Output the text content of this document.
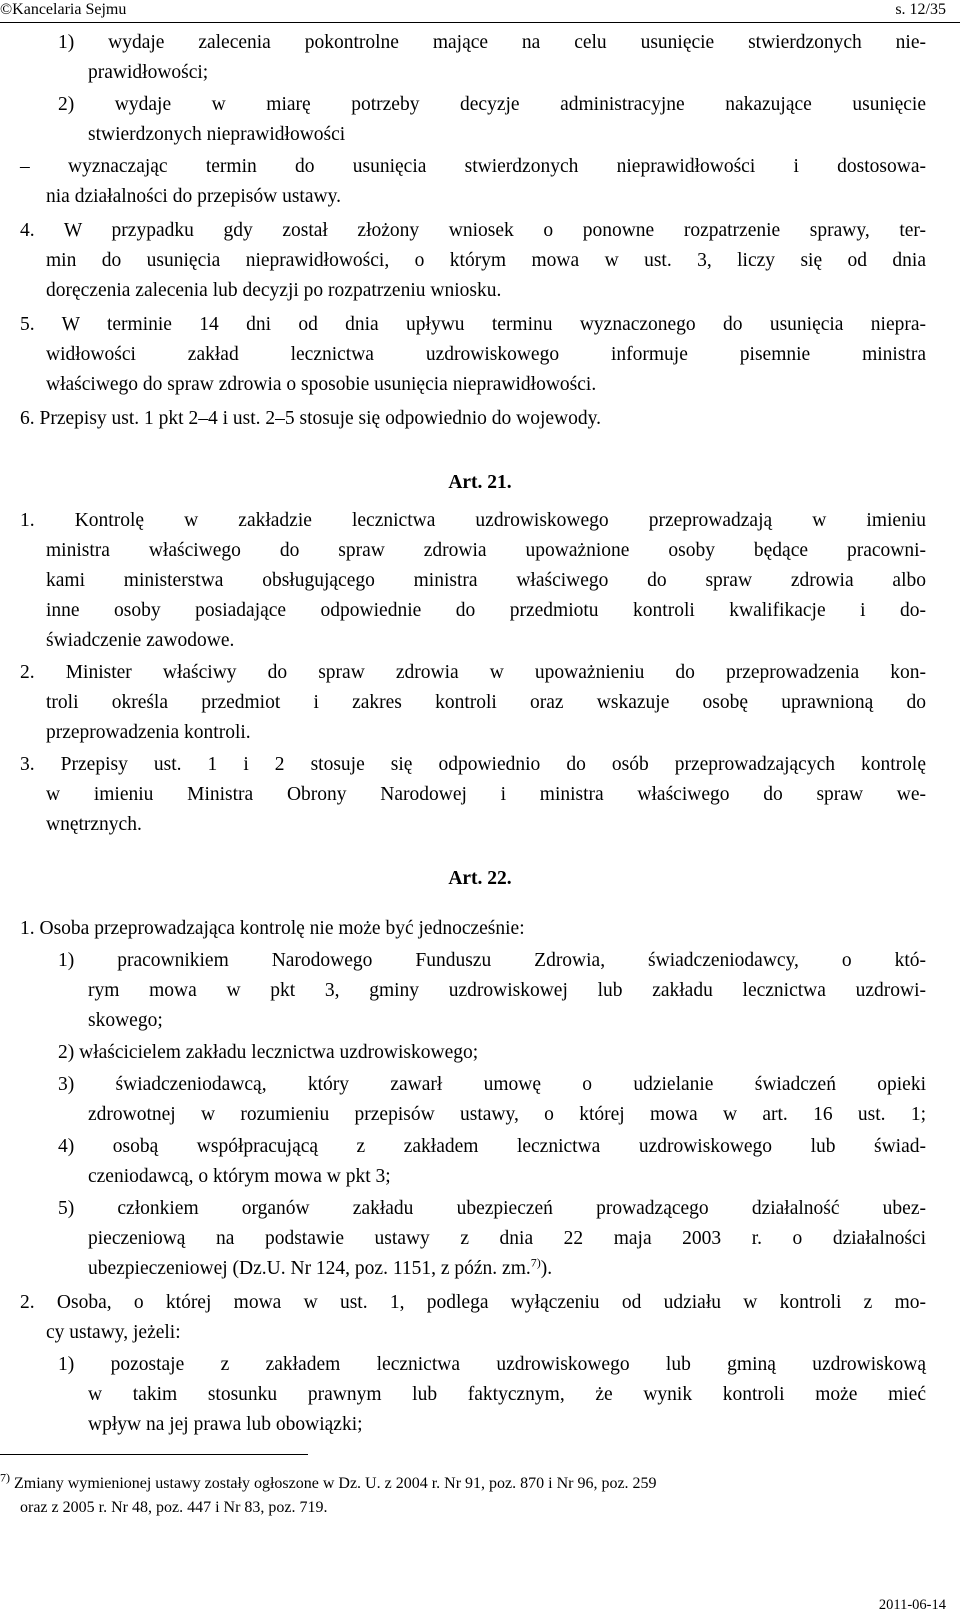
©Kancelaria Sejmu	s. 12/35
1) wydaje zalecenia pokontrolne mające na celu usunięcie stwierdzonych nie-
prawidłowości;
2) wydaje w miarę potrzeby decyzje administracyjne nakazujące usunięcie
stwierdzonych nieprawidłowości
– wyznaczając termin do usunięcia stwierdzonych nieprawidłowości i dostosowa-
nia działalności do przepisów ustawy.
4. W przypadku gdy został złożony wniosek o ponowne rozpatrzenie sprawy, ter-
min do usunięcia nieprawidłowości, o którym mowa w ust. 3, liczy się od dnia
doręczenia zalecenia lub decyzji po rozpatrzeniu wniosku.
5. W terminie 14 dni od dnia upływu terminu wyznaczonego do usunięcia niepra-
widłowości zakład lecznictwa uzdrowiskowego informuje pisemnie ministra
właściwego do spraw zdrowia o sposobie usunięcia nieprawidłowości.
6. Przepisy ust. 1 pkt 2–4 i ust. 2–5 stosuje się odpowiednio do wojewody.
1. Kontrolę w zakładzie lecznictwa uzdrowiskowego przeprowadzają w imieniu
ministra właściwego do spraw zdrowia upoważnione osoby będące pracowni-
kami ministerstwa obsługującego ministra właściwego do spraw zdrowia albo
inne osoby posiadające odpowiednie do przedmiotu kontroli kwalifikacje i do-
świadczenie zawodowe.
2. Minister właściwy do spraw zdrowia w upoważnieniu do przeprowadzenia kon-
troli określa przedmiot i zakres kontroli oraz wskazuje osobę uprawnioną do
przeprowadzenia kontroli.
3. Przepisy ust. 1 i 2 stosuje się odpowiednio do osób przeprowadzających kontrolę
w imieniu Ministra Obrony Narodowej i ministra właściwego do spraw we-
wnętrznych.
1. Osoba przeprowadzająca kontrolę nie może być jednocześnie:
1) pracownikiem Narodowego Funduszu Zdrowia, świadczeniodawcy, o któ-
rym mowa w pkt 3, gminy uzdrowiskowej lub zakładu lecznictwa uzdrowi-
skowego;
2) właścicielem zakładu lecznictwa uzdrowiskowego;
3) świadczeniodawcą, który zawarł umowę o udzielanie świadczeń opieki
zdrowotnej w rozumieniu przepisów ustawy, o której mowa w art. 16 ust. 1;
4) osobą współpracującą z zakładem lecznictwa uzdrowiskowego lub świad-
czeniodawcą, o którym mowa w pkt 3;
5) członkiem organów zakładu ubezpieczeń prowadzącego działalność ubez-
pieczeniową na podstawie ustawy z dnia 22 maja 2003 r. o działalności
2. Osoba, o której mowa w ust. 1, podlega wyłączeniu od udziału w kontroli z mo-
cy ustawy, jeżeli:
1) pozostaje z zakładem lecznictwa uzdrowiskowego lub gminą uzdrowiskową
w takim stosunku prawnym lub faktycznym, że wynik kontroli może mieć
wpływ na jej prawa lub obowiązki;
Art. 21.
Art. 22.
ubezpieczeniowej (Dz.U. Nr 124, poz. 1151, z późn. zm.$^{7)}$).
$^{7)}$ Zmiany wymienionej ustawy zostały ogłoszone w Dz. U. z 2004 r. Nr 91, poz. 870 i Nr 96, poz. 259
oraz z 2005 r. Nr 48, poz. 447 i Nr 83, poz. 719.
2011-06-14
